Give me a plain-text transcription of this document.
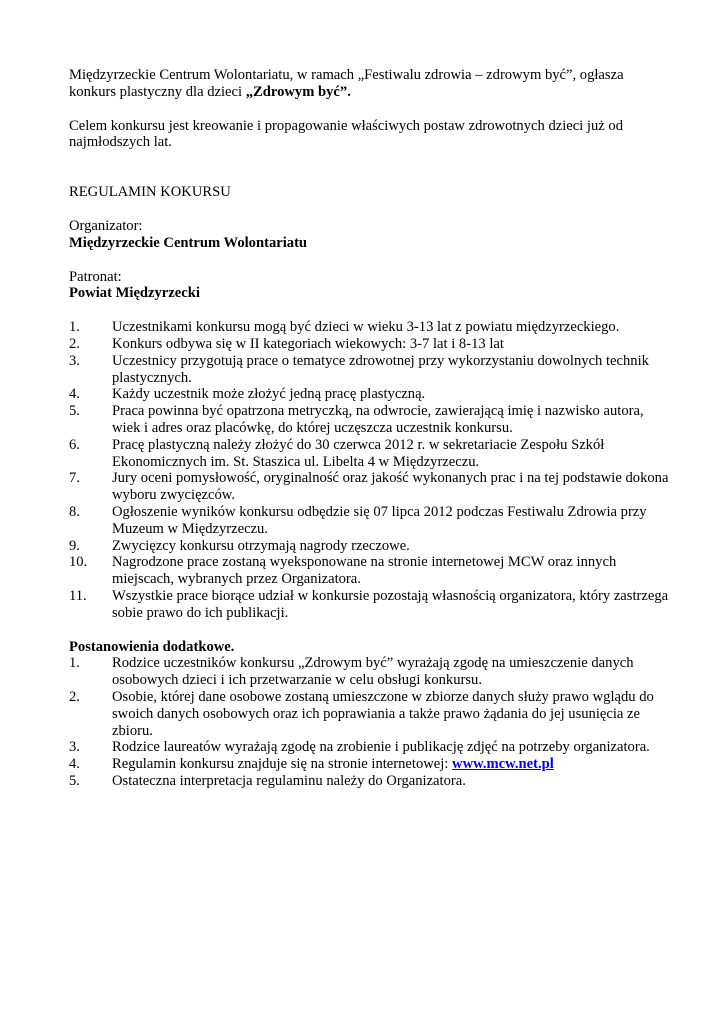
Międzyrzeckie Centrum Wolontariatu, w ramach „Festiwalu zdrowia – zdrowym być”, ogłasza konkurs plastyczny dla dzieci „Zdrowym być”.

Celem konkursu jest kreowanie i propagowanie właściwych postaw zdrowotnych dzieci już od najmłodszych lat.

REGULAMIN KOKURSU

Organizator:

Międzyrzeckie Centrum Wolontariatu

Patronat:

Powiat Międzyrzecki

1.	Uczestnikami konkursu mogą być dzieci w wieku 3-13 lat z powiatu międzyrzeckiego.
2.	Konkurs odbywa się w II kategoriach wiekowych: 3-7 lat i 8-13 lat
3.	Uczestnicy przygotują prace o tematyce zdrowotnej przy wykorzystaniu dowolnych technik plastycznych.
4.	Każdy uczestnik może złożyć jedną pracę plastyczną.
5.	Praca powinna być opatrzona metryczką, na odwrocie, zawierającą imię i nazwisko autora, wiek i adres oraz placówkę, do której uczęszcza uczestnik konkursu.
6.	Pracę plastyczną należy złożyć do 30 czerwca 2012 r. w sekretariacie Zespołu Szkół Ekonomicznych im. St. Staszica ul. Libelta 4 w Międzyrzeczu.
7.	Jury oceni pomysłowość, oryginalność oraz jakość wykonanych prac i na tej podstawie dokona wyboru zwycięzców.
8.	Ogłoszenie wyników konkursu odbędzie się 07 lipca 2012 podczas Festiwalu Zdrowia przy Muzeum w Międzyrzeczu.
9.	Zwycięzcy konkursu otrzymają nagrody rzeczowe.
10.	Nagrodzone prace zostaną wyeksponowane na stronie internetowej MCW oraz innych miejscach, wybranych przez Organizatora.
11.	Wszystkie prace biorące udział w konkursie pozostają własnością organizatora, który zastrzega sobie prawo do ich publikacji.

Postanowienia dodatkowe.

1.	Rodzice uczestników konkursu „Zdrowym być” wyrażają zgodę na umieszczenie danych osobowych dzieci i ich przetwarzanie w celu obsługi konkursu.
2.	Osobie, której dane osobowe zostaną umieszczone w zbiorze danych służy prawo wglądu do swoich danych osobowych oraz ich poprawiania a także prawo żądania do jej usunięcia ze zbioru.
3.	Rodzice laureatów wyrażają zgodę na zrobienie i publikację zdjęć na potrzeby organizatora.
4.	Regulamin konkursu znajduje się na stronie internetowej: www.mcw.net.pl
5.	Ostateczna interpretacja regulaminu należy do Organizatora.
